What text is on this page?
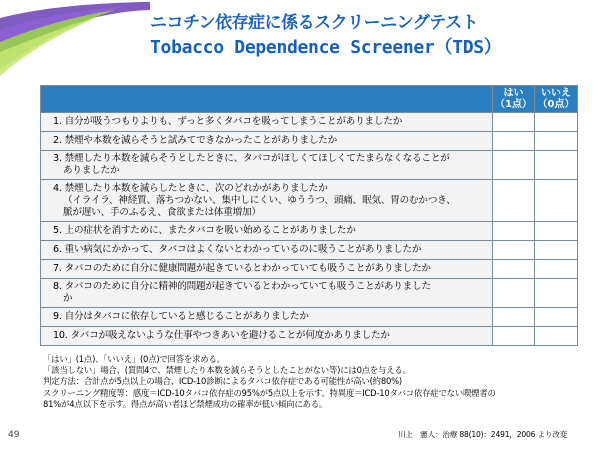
ニコチン依存症に係るスクリーニングテスト
Tobacco Dependence Screener（TDS）
	はい
（1点）	いいえ
（0点）
1. 自分が吸うつもりよりも、ずっと多くタバコを吸ってしまうことがありましたか		
2. 禁煙や本数を減らそうと試みてできなかったことがありましたか		
3. 禁煙したり本数を減らそうとしたときに、タバコがほしくてほしくてたまらなくなることが
ありましたか		

4. 禁煙したり本数を減らしたときに、次のどれかがありましたか
（イライラ、神経質、落ちつかない、集中しにくい、ゆううつ、頭痛、眠気、胃のむかつき、
脈が遅い、手のふるえ、食欲または体重増加）		

5. 上の症状を消すために、またタバコを吸い始めることがありましたか		
6. 重い病気にかかって、タバコはよくないとわかっているのに吸うことがありましたか		
7. タバコのために自分に健康問題が起きているとわかっていても吸うことがありましたか		
8. タバコのために自分に精神的問題が起きているとわかっていても吸うことがありました
か		

9. 自分はタバコに依存していると感じることがありましたか		
10. タバコが吸えないような仕事やつきあいを避けることが何度かありましたか		
「はい」(1点)、「いいえ」(0点)で回答を求める。
「該当しない」場合、(質問4で、禁煙したり本数を減らそうとしたことがない等)には0点を与える。
判定方法：合計点が5点以上の場合、ICD-10診断によるタバコ依存症である可能性が高い(約80%)
スクリーニング精度等：感度＝ICD-10タバコ依存症の95%が5点以上を示す。特異度＝ICD-10タバコ依存症でない喫煙者の
81%が4点以下を示す。得点が高い者ほど禁煙成功の確率が低い傾向にある。
川上　憲人：治療 88(10)：2491，2006 より改変
49
